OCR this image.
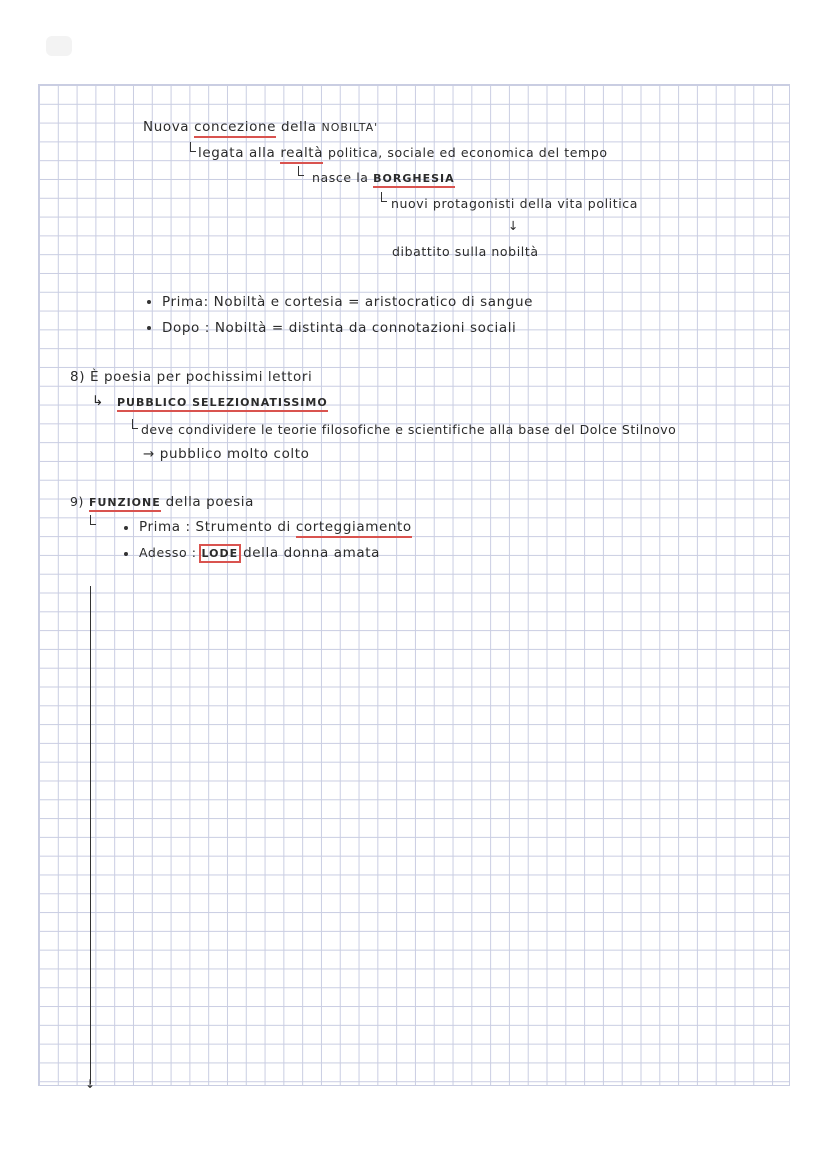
Nuova concezione della NOBILTA'
legata alla realtà politica, sociale ed economica del tempo
nasce la BORGHESIA
nuovi protagonisti della vita politica
↓
dibattito sulla nobiltà
Prima: Nobiltà e cortesia = aristocratico di sangue
Dopo : Nobiltà = distinta da connotazioni sociali
8) È poesia per pochissimi lettori
↳ PUBBLICO SELEZIONATISSIMO
deve condividere le teorie filosofiche e scientifiche alla base del Dolce Stilnovo
→ pubblico molto colto
9) FUNZIONE della poesia
Prima : Strumento di corteggiamento
Adesso : LODE della donna amata
↓
